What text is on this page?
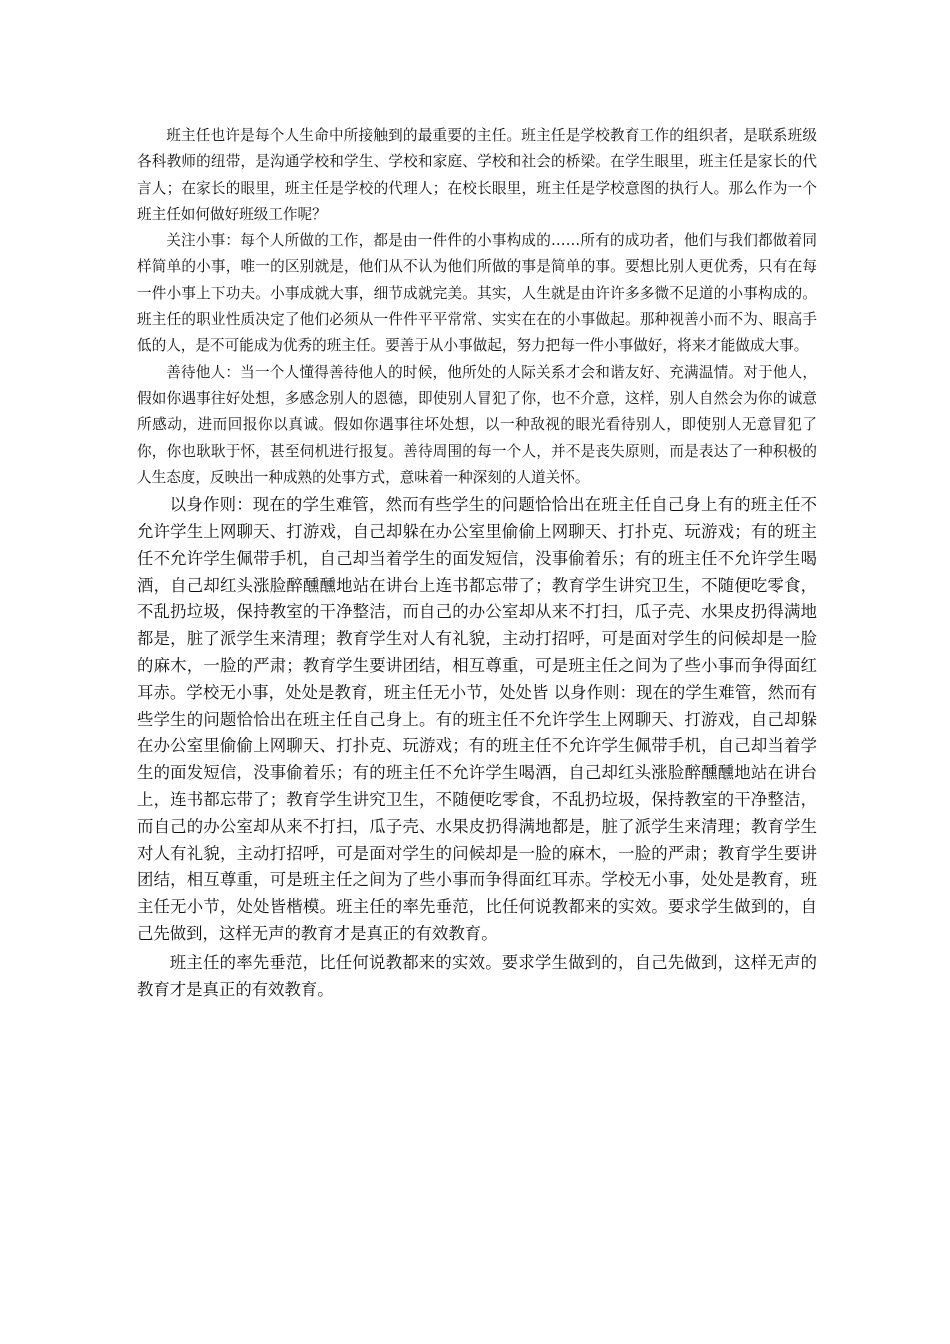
班主任也许是每个人生命中所接触到的最重要的主任。班主任是学校教育工作的组织者，是联系班级各科教师的纽带，是沟通学校和学生、学校和家庭、学校和社会的桥梁。在学生眼里，班主任是家长的代言人；在家长的眼里，班主任是学校的代理人；在校长眼里，班主任是学校意图的执行人。那么作为一个班主任如何做好班级工作呢？

关注小事：每个人所做的工作，都是由一件件的小事构成的……所有的成功者，他们与我们都做着同样简单的小事，唯一的区别就是，他们从不认为他们所做的事是简单的事。要想比别人更优秀，只有在每一件小事上下功夫。小事成就大事，细节成就完美。其实，人生就是由许许多多微不足道的小事构成的。班主任的职业性质决定了他们必须从一件件平平常常、实实在在的小事做起。那种视善小而不为、眼高手低的人，是不可能成为优秀的班主任。要善于从小事做起，努力把每一件小事做好，将来才能做成大事。

善待他人：当一个人懂得善待他人的时候，他所处的人际关系才会和谐友好、充满温情。对于他人，假如你遇事往好处想，多感念别人的恩德，即使别人冒犯了你，也不介意，这样，别人自然会为你的诚意所感动，进而回报你以真诚。假如你遇事往坏处想，以一种敌视的眼光看待别人，即使别人无意冒犯了你，你也耿耿于怀，甚至伺机进行报复。善待周围的每一个人，并不是丧失原则，而是表达了一种积极的人生态度，反映出一种成熟的处事方式，意味着一种深刻的人道关怀。

以身作则：现在的学生难管，然而有些学生的问题恰恰出在班主任自己身上有的班主任不允许学生上网聊天、打游戏，自己却躲在办公室里偷偷上网聊天、打扑克、玩游戏；有的班主任不允许学生佩带手机，自己却当着学生的面发短信，没事偷着乐；有的班主任不允许学生喝酒，自己却红头涨脸醉醺醺地站在讲台上连书都忘带了；教育学生讲究卫生，不随便吃零食，不乱扔垃圾，保持教室的干净整洁，而自己的办公室却从来不打扫，瓜子壳、水果皮扔得满地都是，脏了派学生来清理；教育学生对人有礼貌，主动打招呼，可是面对学生的问候却是一脸的麻木，一脸的严肃；教育学生要讲团结，相互尊重，可是班主任之间为了些小事而争得面红耳赤。学校无小事，处处是教育，班主任无小节，处处皆 以身作则：现在的学生难管，然而有些学生的问题恰恰出在班主任自己身上。有的班主任不允许学生上网聊天、打游戏，自己却躲在办公室里偷偷上网聊天、打扑克、玩游戏；有的班主任不允许学生佩带手机，自己却当着学生的面发短信，没事偷着乐；有的班主任不允许学生喝酒，自己却红头涨脸醉醺醺地站在讲台上，连书都忘带了；教育学生讲究卫生，不随便吃零食，不乱扔垃圾，保持教室的干净整洁，而自己的办公室却从来不打扫，瓜子壳、水果皮扔得满地都是，脏了派学生来清理；教育学生对人有礼貌，主动打招呼，可是面对学生的问候却是一脸的麻木，一脸的严肃；教育学生要讲团结，相互尊重，可是班主任之间为了些小事而争得面红耳赤。学校无小事，处处是教育，班主任无小节，处处皆楷模。班主任的率先垂范，比任何说教都来的实效。要求学生做到的，自己先做到，这样无声的教育才是真正的有效教育。

班主任的率先垂范，比任何说教都来的实效。要求学生做到的，自己先做到，这样无声的教育才是真正的有效教育。
